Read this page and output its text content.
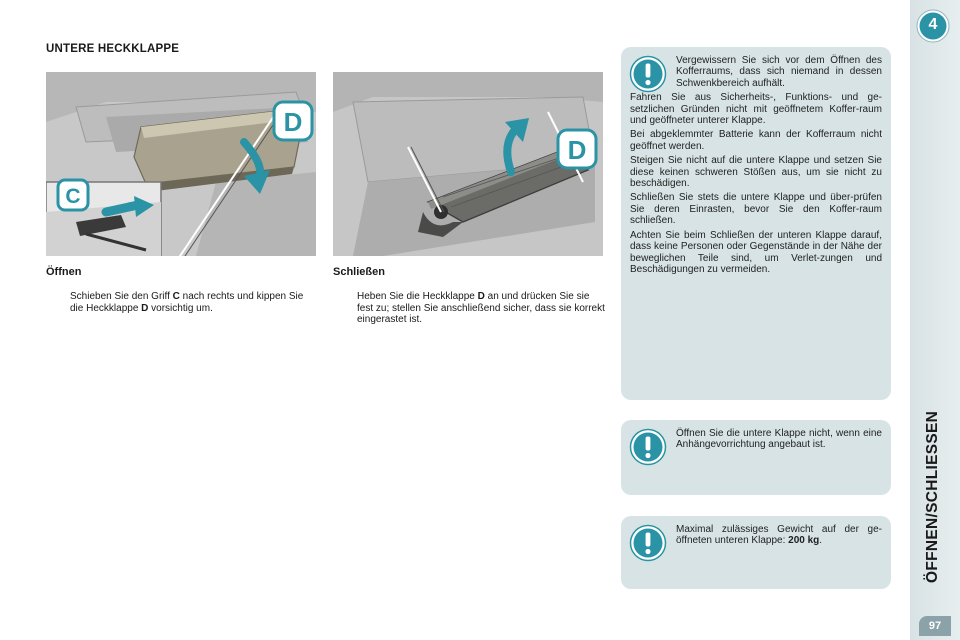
UNTERE HECKKLAPPE
D
C
D
Öffnen	Schließen
Schieben Sie den Griff C nach rechts und kippen Sie die Heckklappe D vorsichtig um.
Heben Sie die Heckklappe D an und drücken Sie sie fest zu; stellen Sie anschließend sicher, dass sie korrekt eingerastet ist.

Vergewissern Sie sich vor dem Öffnen des Kofferraums, dass sich niemand in dessen Schwenkbereich aufhält.

Fahren Sie aus Sicherheits-, Funktions- und ge-setzlichen Gründen nicht mit geöffnetem Koffer-raum und geöffneter unterer Klappe.

Bei abgeklemmter Batterie kann der Kofferraum nicht geöffnet werden.

Steigen Sie nicht auf die untere Klappe und setzen Sie diese keinen schweren Stößen aus, um sie nicht zu beschädigen.

Schließen Sie stets die untere Klappe und über-prüfen Sie deren Einrasten, bevor Sie den Koffer-raum schließen.

Achten Sie beim Schließen der unteren Klappe darauf, dass keine Personen oder Gegenstände in der Nähe der beweglichen Teile sind, um Verlet-zungen und Beschädigungen zu vermeiden.

Öffnen Sie die untere Klappe nicht, wenn eine Anhängevorrichtung angebaut ist.

Maximal zulässiges Gewicht auf der ge-öffneten unteren Klappe: 200 kg.

4
ÖFFNEN/SCHLIESSEN
97
